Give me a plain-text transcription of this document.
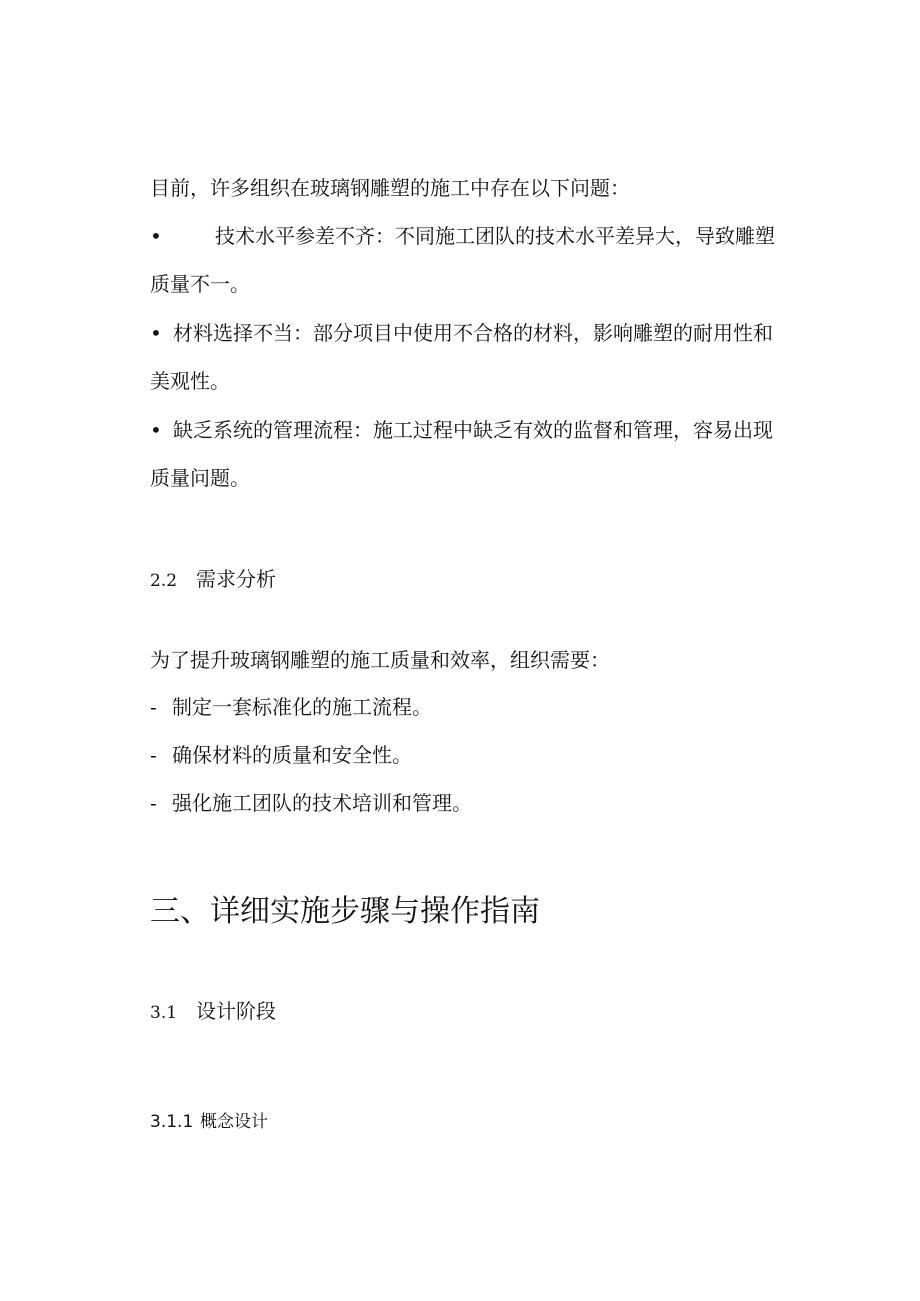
目前，许多组织在玻璃钢雕塑的施工中存在以下问题：

•	技术水平参差不齐：不同施工团队的技术水平差异大，导致雕塑

质量不一。

• 材料选择不当：部分项目中使用不合格的材料，影响雕塑的耐用性和

美观性。

• 缺乏系统的管理流程：施工过程中缺乏有效的监督和管理，容易出现

质量问题。

2.2 需求分析

为了提升玻璃钢雕塑的施工质量和效率，组织需要：

- 制定一套标准化的施工流程。

- 确保材料的质量和安全性。

- 强化施工团队的技术培训和管理。

三、详细实施步骤与操作指南

3.1 设计阶段

3.1.1 概念设计
